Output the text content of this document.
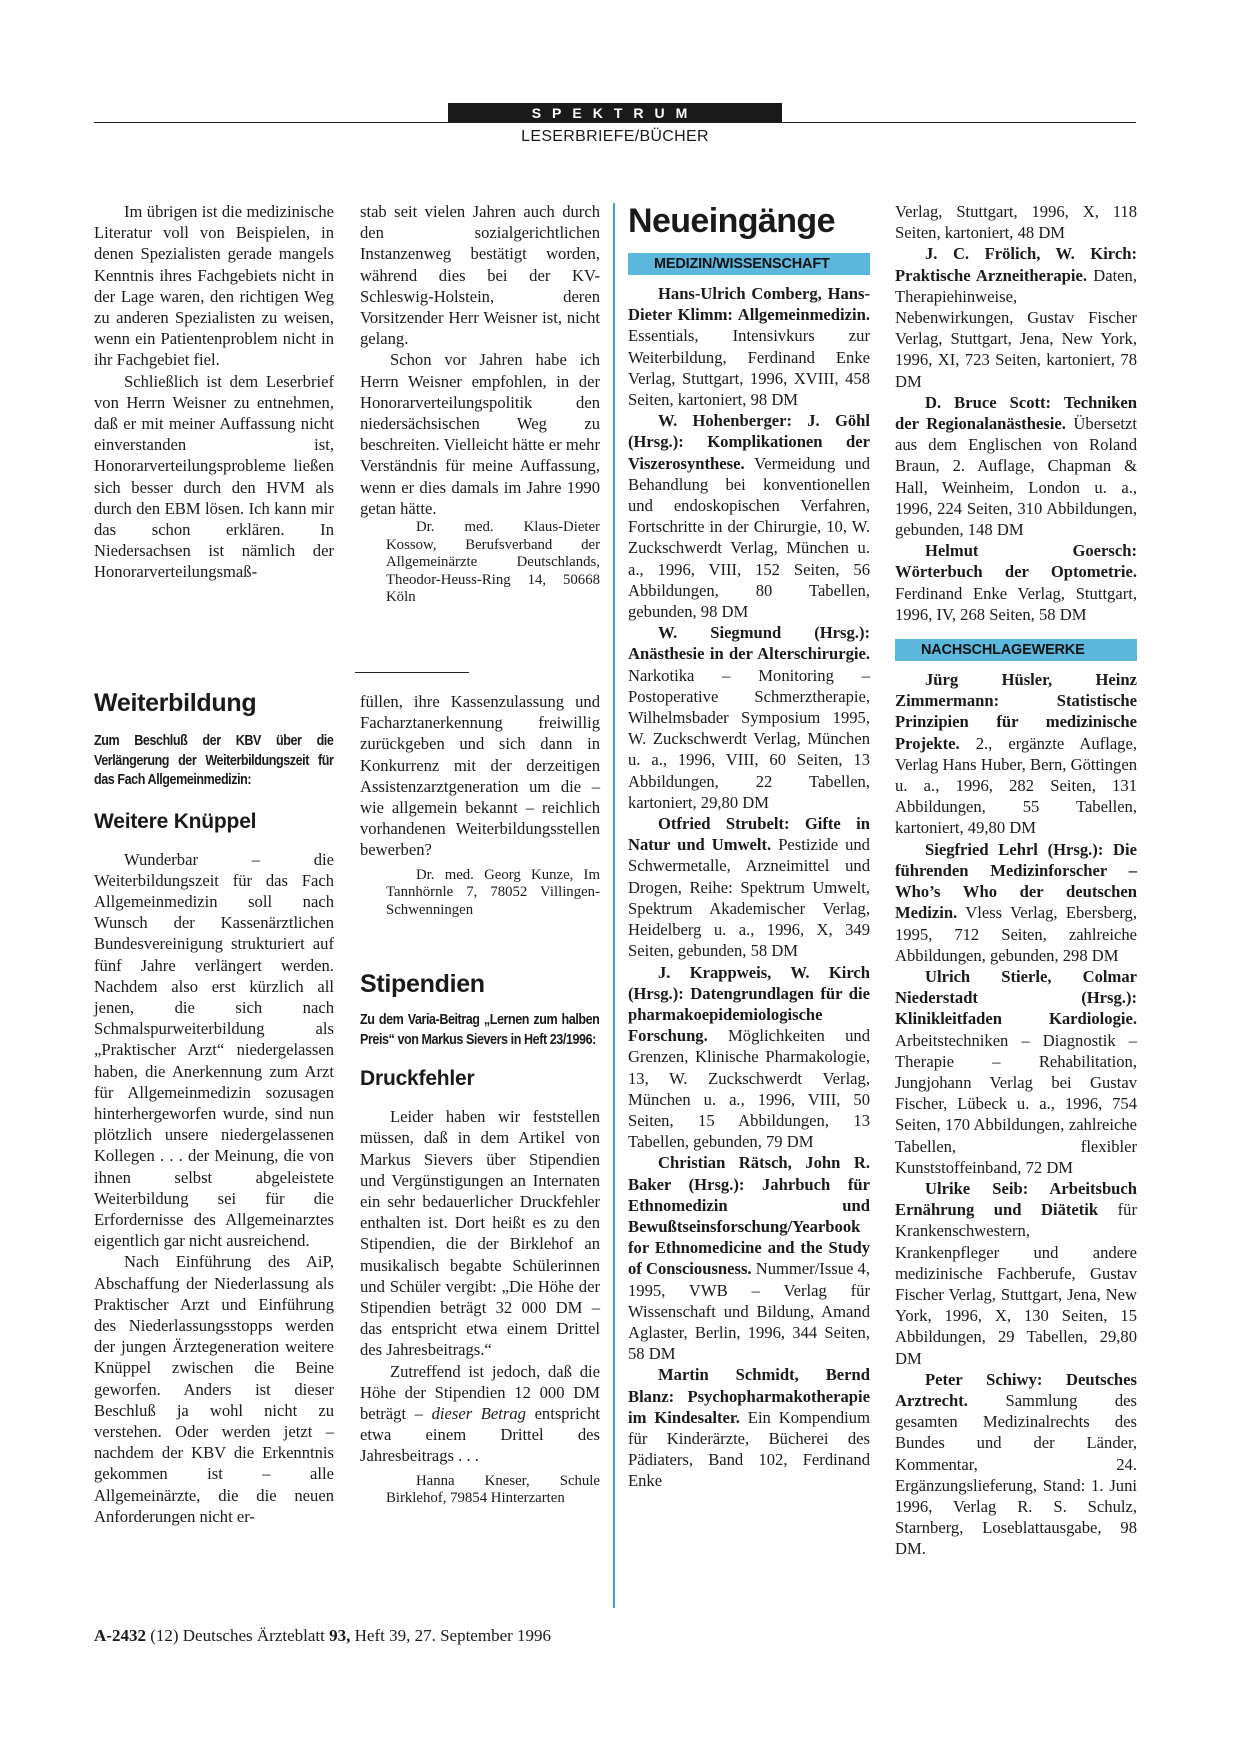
SPEKTRUM
LESERBRIEFE/BÜCHER

Im übrigen ist die medizinische Literatur voll von Beispielen, in denen Spezialisten gerade mangels Kenntnis ihres Fachgebiets nicht in der Lage waren, den richtigen Weg zu anderen Spezialisten zu weisen, wenn ein Patientenproblem nicht in ihr Fachgebiet fiel.

Schließlich ist dem Leserbrief von Herrn Weisner zu entnehmen, daß er mit meiner Auffassung nicht einverstanden ist, Honorarverteilungsprobleme ließen sich besser durch den HVM als durch den EBM lösen. Ich kann mir das schon erklären. In Niedersachsen ist nämlich der Honorarverteilungsmaß-

stab seit vielen Jahren auch durch den sozialgerichtlichen Instanzenweg bestätigt worden, während dies bei der KV-Schleswig-Holstein, deren Vorsitzender Herr Weisner ist, nicht gelang.

Schon vor Jahren habe ich Herrn Weisner empfohlen, in der Honorarverteilungspolitik den niedersächsischen Weg zu beschreiten. Vielleicht hätte er mehr Verständnis für meine Auffassung, wenn er dies damals im Jahre 1990 getan hätte.

Dr. med. Klaus-Dieter Kossow, Berufsverband der Allgemeinärzte Deutschlands, Theodor-Heuss-Ring 14, 50668 Köln

Weiterbildung

Zum Beschluß der KBV über die Verlängerung der Weiterbildungszeit für das Fach Allgemeinmedizin:

Weitere Knüppel

Wunderbar – die Weiterbildungszeit für das Fach Allgemeinmedizin soll nach Wunsch der Kassenärztlichen Bundesvereinigung strukturiert auf fünf Jahre verlängert werden. Nachdem also erst kürzlich all jenen, die sich nach Schmalspurweiterbildung als „Praktischer Arzt“ niedergelassen haben, die Anerkennung zum Arzt für Allgemeinmedizin sozusagen hinterhergeworfen wurde, sind nun plötzlich unsere niedergelassenen Kollegen . . . der Meinung, die von ihnen selbst abgeleistete Weiterbildung sei für die Erfordernisse des Allgemeinarztes eigentlich gar nicht ausreichend.

Nach Einführung des AiP, Abschaffung der Niederlassung als Praktischer Arzt und Einführung des Niederlassungsstopps werden der jungen Ärztegeneration weitere Knüppel zwischen die Beine geworfen. Anders ist dieser Beschluß ja wohl nicht zu verstehen. Oder werden jetzt – nachdem der KBV die Erkenntnis gekommen ist – alle Allgemeinärzte, die die neuen Anforderungen nicht er-

füllen, ihre Kassenzulassung und Facharztanerkennung freiwillig zurückgeben und sich dann in Konkurrenz mit der derzeitigen Assistenzarztgeneration um die – wie allgemein bekannt – reichlich vorhandenen Weiterbildungsstellen bewerben?

Dr. med. Georg Kunze, Im Tannhörnle 7, 78052 Villingen-Schwenningen

Stipendien

Zu dem Varia-Beitrag „Lernen zum halben Preis“ von Markus Sievers in Heft 23/1996:

Druckfehler

Leider haben wir feststellen müssen, daß in dem Artikel von Markus Sievers über Stipendien und Vergünstigungen an Internaten ein sehr bedauerlicher Druckfehler enthalten ist. Dort heißt es zu den Stipendien, die der Birklehof an musikalisch begabte Schülerinnen und Schüler vergibt: „Die Höhe der Stipendien beträgt 32 000 DM – das entspricht etwa einem Drittel des Jahresbeitrags.“

Zutreffend ist jedoch, daß die Höhe der Stipendien 12 000 DM beträgt – dieser Betrag entspricht etwa einem Drittel des Jahresbeitrags . . .

Hanna Kneser, Schule Birklehof, 79854 Hinterzarten

Neueingänge
MEDIZIN/WISSENSCHAFT

Hans-Ulrich Comberg, Hans-Dieter Klimm: Allgemeinmedizin. Essentials, Intensivkurs zur Weiterbildung, Ferdinand Enke Verlag, Stuttgart, 1996, XVIII, 458 Seiten, kartoniert, 98 DM

W. Hohenberger: J. Göhl (Hrsg.): Komplikationen der Viszerosynthese. Vermeidung und Behandlung bei konventionellen und endoskopischen Verfahren, Fortschritte in der Chirurgie, 10, W. Zuckschwerdt Verlag, München u. a., 1996, VIII, 152 Seiten, 56 Abbildungen, 80 Tabellen, gebunden, 98 DM

W. Siegmund (Hrsg.): Anästhesie in der Alterschirurgie. Narkotika – Monitoring – Postoperative Schmerztherapie, Wilhelmsbader Symposium 1995, W. Zuckschwerdt Verlag, München u. a., 1996, VIII, 60 Seiten, 13 Abbildungen, 22 Tabellen, kartoniert, 29,80 DM

Otfried Strubelt: Gifte in Natur und Umwelt. Pestizide und Schwermetalle, Arzneimittel und Drogen, Reihe: Spektrum Umwelt, Spektrum Akademischer Verlag, Heidelberg u. a., 1996, X, 349 Seiten, gebunden, 58 DM

J. Krappweis, W. Kirch (Hrsg.): Datengrundlagen für die pharmakoepidemiologische Forschung. Möglichkeiten und Grenzen, Klinische Pharmakologie, 13, W. Zuckschwerdt Verlag, München u. a., 1996, VIII, 50 Seiten, 15 Abbildungen, 13 Tabellen, gebunden, 79 DM

Christian Rätsch, John R. Baker (Hrsg.): Jahrbuch für Ethnomedizin und Bewußtseinsforschung/Yearbook for Ethnomedicine and the Study of Consciousness. Nummer/Issue 4, 1995, VWB – Verlag für Wissenschaft und Bildung, Amand Aglaster, Berlin, 1996, 344 Seiten, 58 DM

Martin Schmidt, Bernd Blanz: Psychopharmakotherapie im Kindesalter. Ein Kompendium für Kinderärzte, Bücherei des Pädiaters, Band 102, Ferdinand Enke

Verlag, Stuttgart, 1996, X, 118 Seiten, kartoniert, 48 DM

J. C. Frölich, W. Kirch: Praktische Arzneitherapie. Daten, Therapiehinweise, Nebenwirkungen, Gustav Fischer Verlag, Stuttgart, Jena, New York, 1996, XI, 723 Seiten, kartoniert, 78 DM

D. Bruce Scott: Techniken der Regionalanästhesie. Übersetzt aus dem Englischen von Roland Braun, 2. Auflage, Chapman & Hall, Weinheim, London u. a., 1996, 224 Seiten, 310 Abbildungen, gebunden, 148 DM

Helmut Goersch: Wörterbuch der Optometrie. Ferdinand Enke Verlag, Stuttgart, 1996, IV, 268 Seiten, 58 DM

NACHSCHLAGEWERKE

Jürg Hüsler, Heinz Zimmermann: Statistische Prinzipien für medizinische Projekte. 2., ergänzte Auflage, Verlag Hans Huber, Bern, Göttingen u. a., 1996, 282 Seiten, 131 Abbildungen, 55 Tabellen, kartoniert, 49,80 DM

Siegfried Lehrl (Hrsg.): Die führenden Medizinforscher – Who’s Who der deutschen Medizin. Vless Verlag, Ebersberg, 1995, 712 Seiten, zahlreiche Abbildungen, gebunden, 298 DM

Ulrich Stierle, Colmar Niederstadt (Hrsg.): Klinikleitfaden Kardiologie. Arbeitstechniken – Diagnostik – Therapie – Rehabilitation, Jungjohann Verlag bei Gustav Fischer, Lübeck u. a., 1996, 754 Seiten, 170 Abbildungen, zahlreiche Tabellen, flexibler Kunststoffeinband, 72 DM

Ulrike Seib: Arbeitsbuch Ernährung und Diätetik für Krankenschwestern, Krankenpfleger und andere medizinische Fachberufe, Gustav Fischer Verlag, Stuttgart, Jena, New York, 1996, X, 130 Seiten, 15 Abbildungen, 29 Tabellen, 29,80 DM

Peter Schiwy: Deutsches Arztrecht. Sammlung des gesamten Medizinalrechts des Bundes und der Länder, Kommentar, 24. Ergänzungslieferung, Stand: 1. Juni 1996, Verlag R. S. Schulz, Starnberg, Loseblattausgabe, 98 DM.

A-2432 (12) Deutsches Ärzteblatt 93, Heft 39, 27. September 1996
